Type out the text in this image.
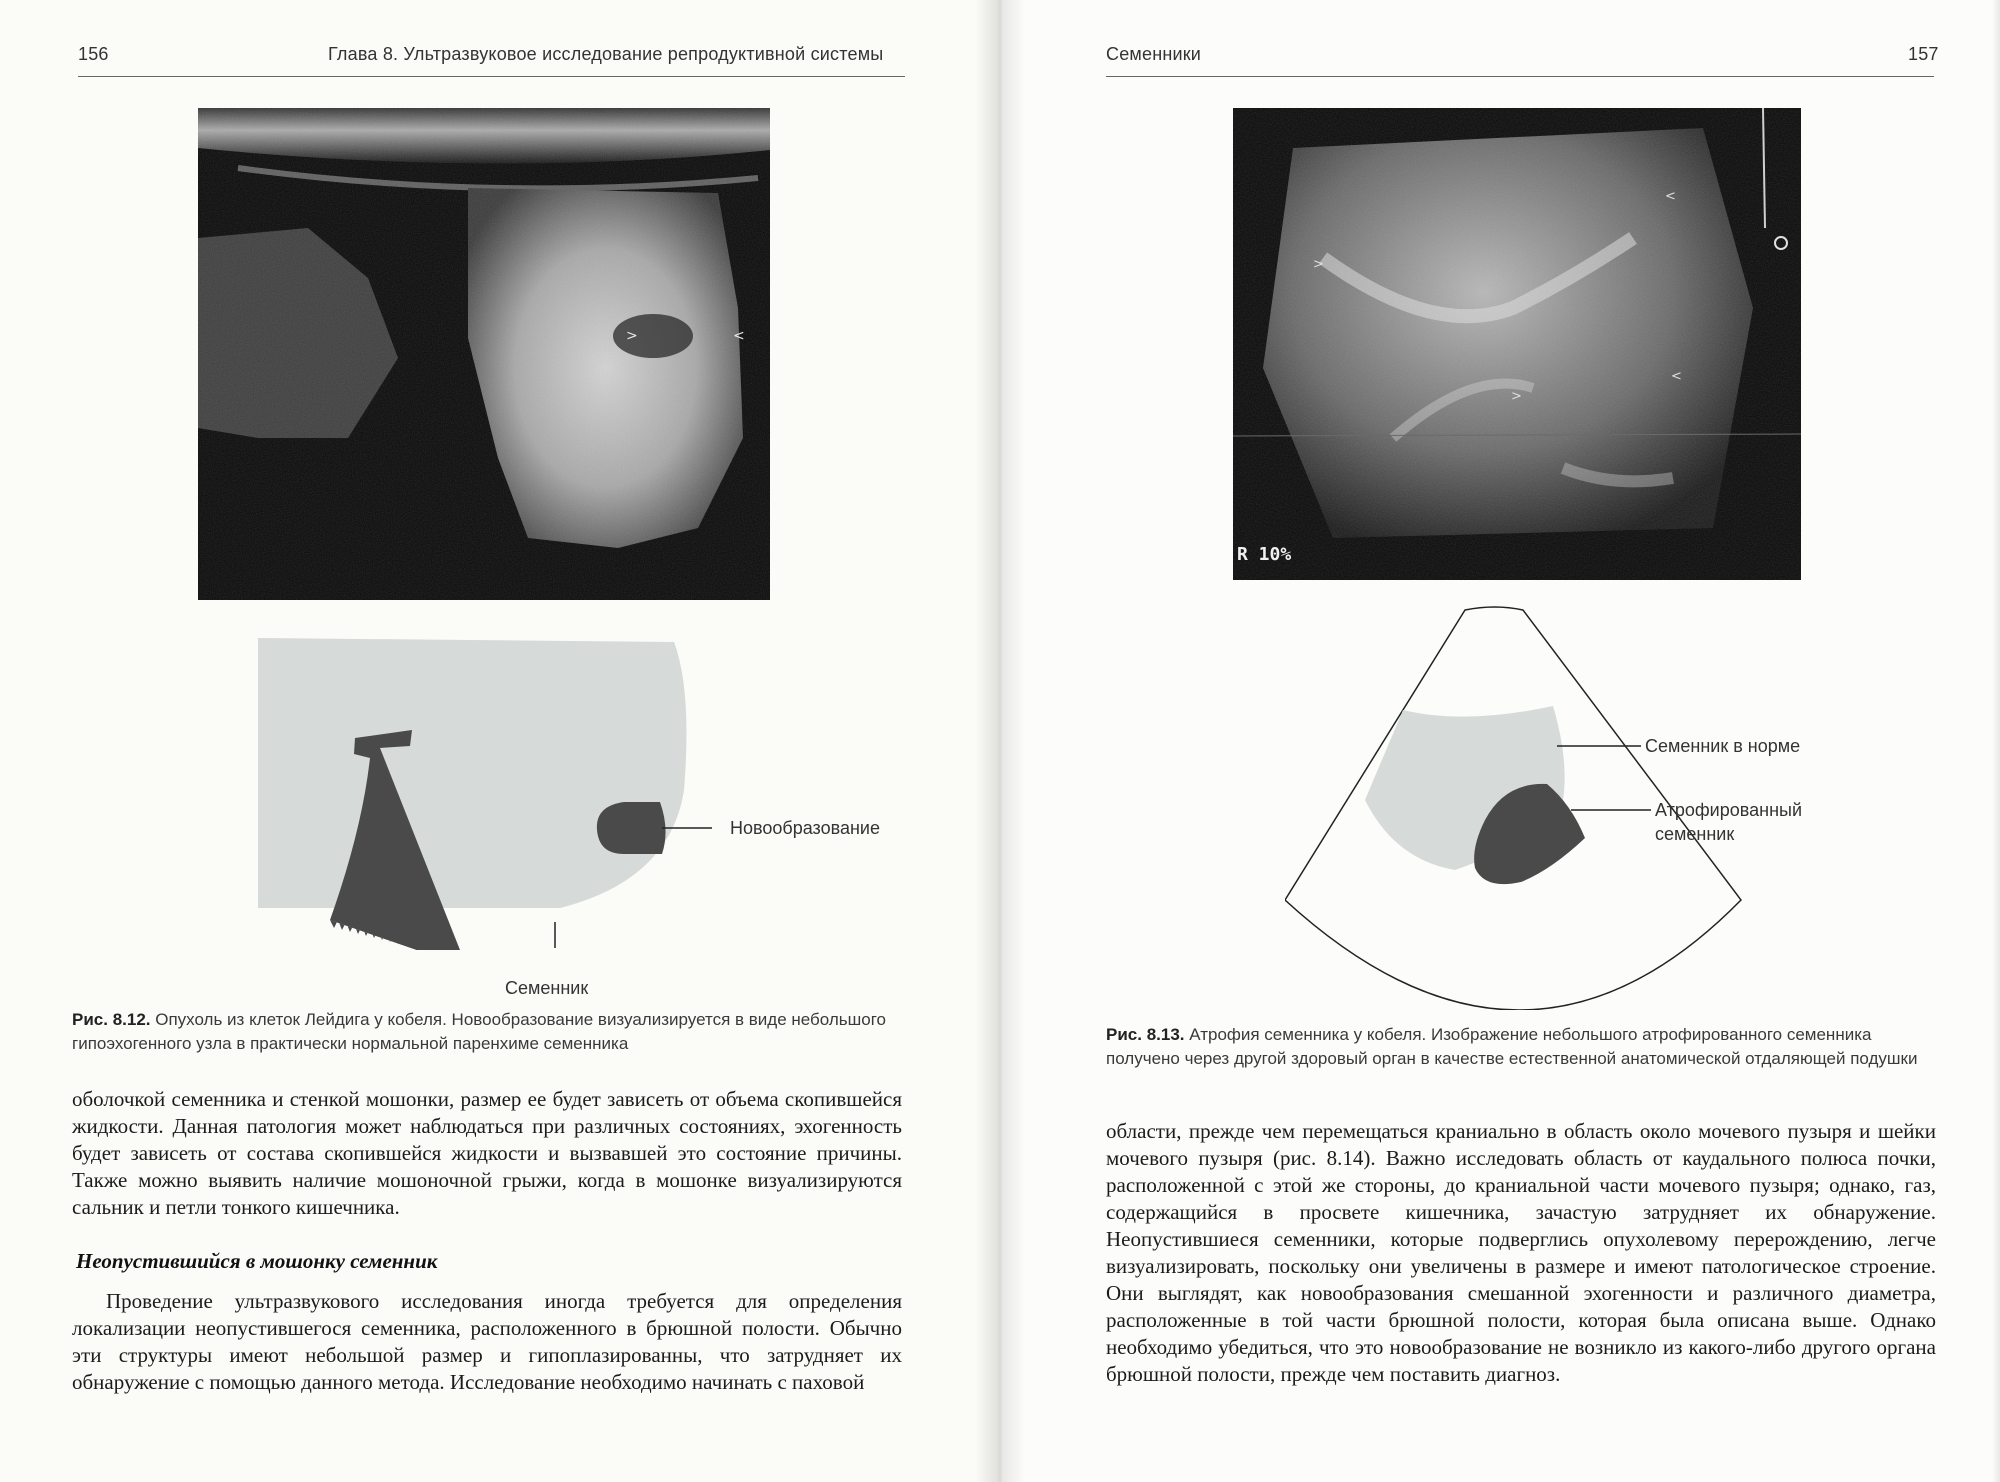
156	Глава 8. Ультразвуковое исследование репродуктивной системы
>	<
Новообразование
Семенник
Рис. 8.12. Опухоль из клеток Лейдига у кобеля. Новообразование визуализируется в виде небольшого гипоэхогенного узла в практически нормальной паренхиме семенника

оболочкой семенника и стенкой мошонки, размер ее будет зависеть от объема скопившейся жидкости. Данная патология может наблюдаться при различных состояниях, эхогенность будет зависеть от состава скопившейся жидкости и вызвавшей это состояние причины. Также можно выявить наличие мошоночной грыжи, когда в мошонке визуализируются сальник и петли тонкого кишечника.

Неопустившийся в мошонку семенник

Проведение ультразвукового исследования иногда требуется для определения локализации неопустившегося семенника, расположенного в брюшной полости. Обычно эти структуры имеют небольшой размер и гипоплазированны, что затрудняет их обнаружение с помощью данного метода. Исследование необходимо начинать с паховой

Семенники	157
>
<
<
>
R 10%
Семенник в норме
Атрофированный
семенник
Рис. 8.13. Атрофия семенника у кобеля. Изображение небольшого атрофированного семенника получено через другой здоровый орган в качестве естественной анатомической отдаляющей подушки

области, прежде чем перемещаться краниально в область около мочевого пузыря и шейки мочевого пузыря (рис. 8.14). Важно исследовать область от каудального полюса почки, расположенной с этой же стороны, до краниальной части мочевого пузыря; однако, газ, содержащийся в просвете кишечника, зачастую затрудняет их обнаружение. Неопустившиеся семенники, которые подверглись опухолевому перерождению, легче визуализировать, поскольку они увеличены в размере и имеют патологическое строение. Они выглядят, как новообразования смешанной эхогенности и различного диаметра, расположенные в той части брюшной полости, которая была описана выше. Однако необходимо убедиться, что это новообразование не возникло из какого-либо другого органа брюшной полости, прежде чем поставить диагноз.
